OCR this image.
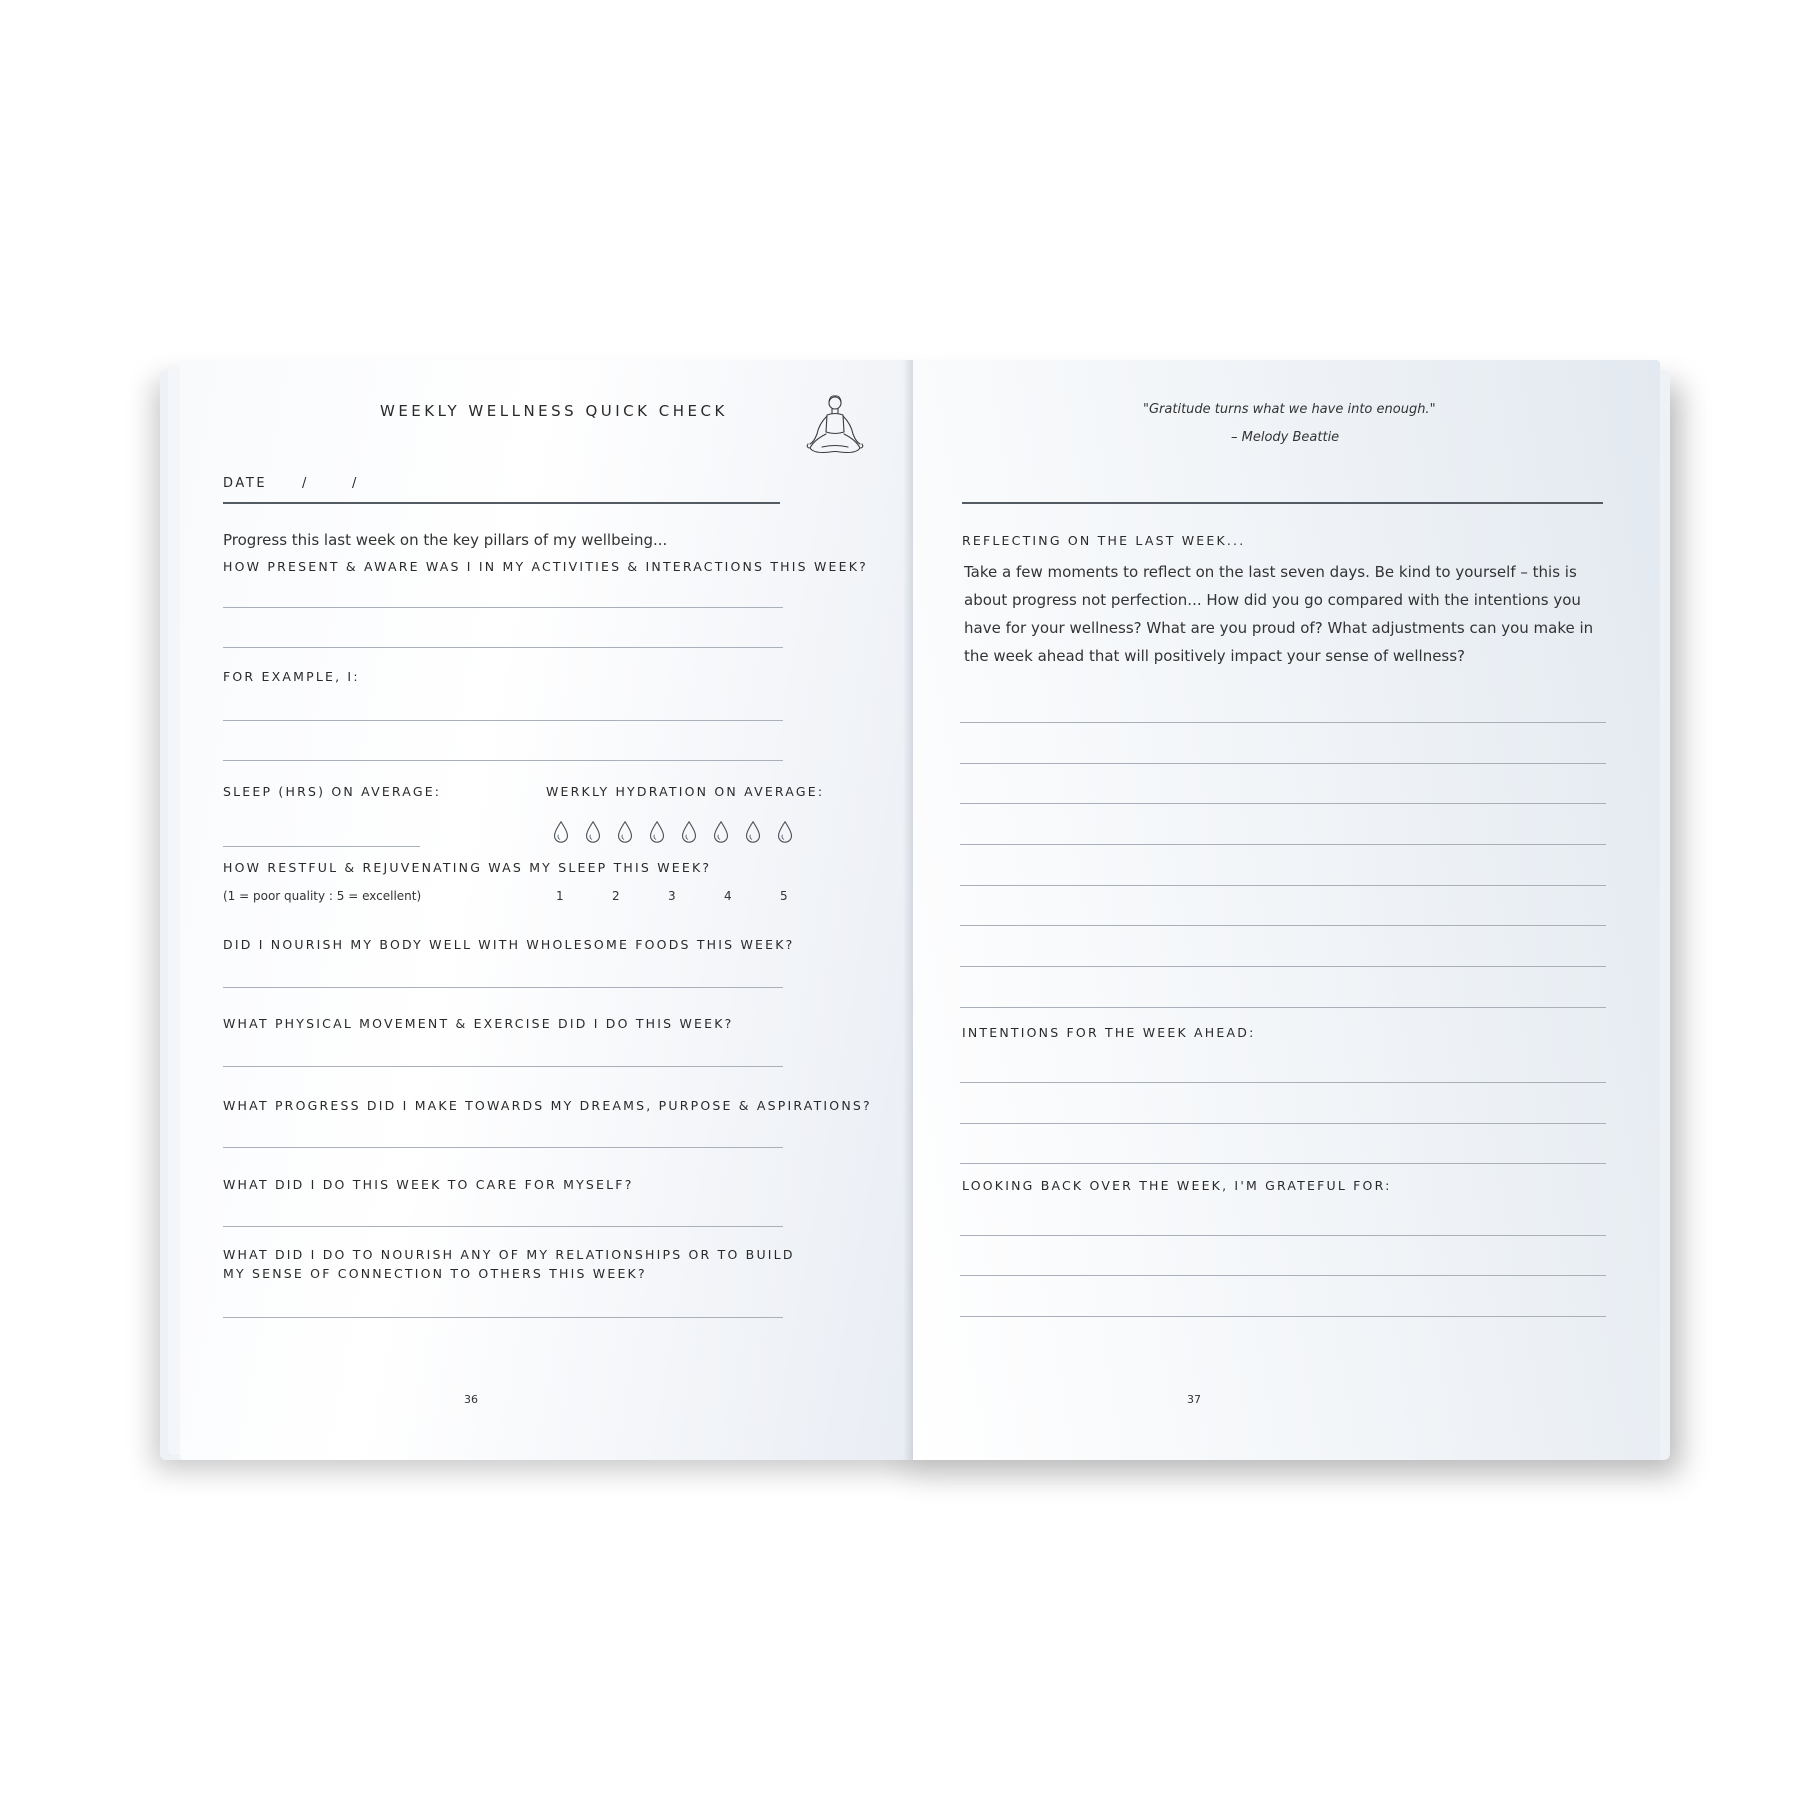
WEEKLY WELLNESS QUICK CHECK
DATE	/	/
Progress this last week on the key pillars of my wellbeing...
HOW PRESENT & AWARE WAS I IN MY ACTIVITIES & INTERACTIONS THIS WEEK?
FOR EXAMPLE, I:
SLEEP (HRS) ON AVERAGE:	WERKLY HYDRATION ON AVERAGE:
HOW RESTFUL & REJUVENATING WAS MY SLEEP THIS WEEK?
(1 = poor quality : 5 = excellent)	1	2	3	4	5
DID I NOURISH MY BODY WELL WITH WHOLESOME FOODS THIS WEEK?
WHAT PHYSICAL MOVEMENT & EXERCISE DID I DO THIS WEEK?
WHAT PROGRESS DID I MAKE TOWARDS MY DREAMS, PURPOSE & ASPIRATIONS?
WHAT DID I DO THIS WEEK TO CARE FOR MYSELF?
WHAT DID I DO TO NOURISH ANY OF MY RELATIONSHIPS OR TO BUILD
MY SENSE OF CONNECTION TO OTHERS THIS WEEK?
36
"Gratitude turns what we have into enough."
– Melody Beattie
REFLECTING ON THE LAST WEEK...
Take a few moments to reflect on the last seven days. Be kind to yourself – this is
about progress not perfection... How did you go compared with the intentions you
have for your wellness? What are you proud of? What adjustments can you make in
the week ahead that will positively impact your sense of wellness?
INTENTIONS FOR THE WEEK AHEAD:
LOOKING BACK OVER THE WEEK, I'M GRATEFUL FOR:
37
